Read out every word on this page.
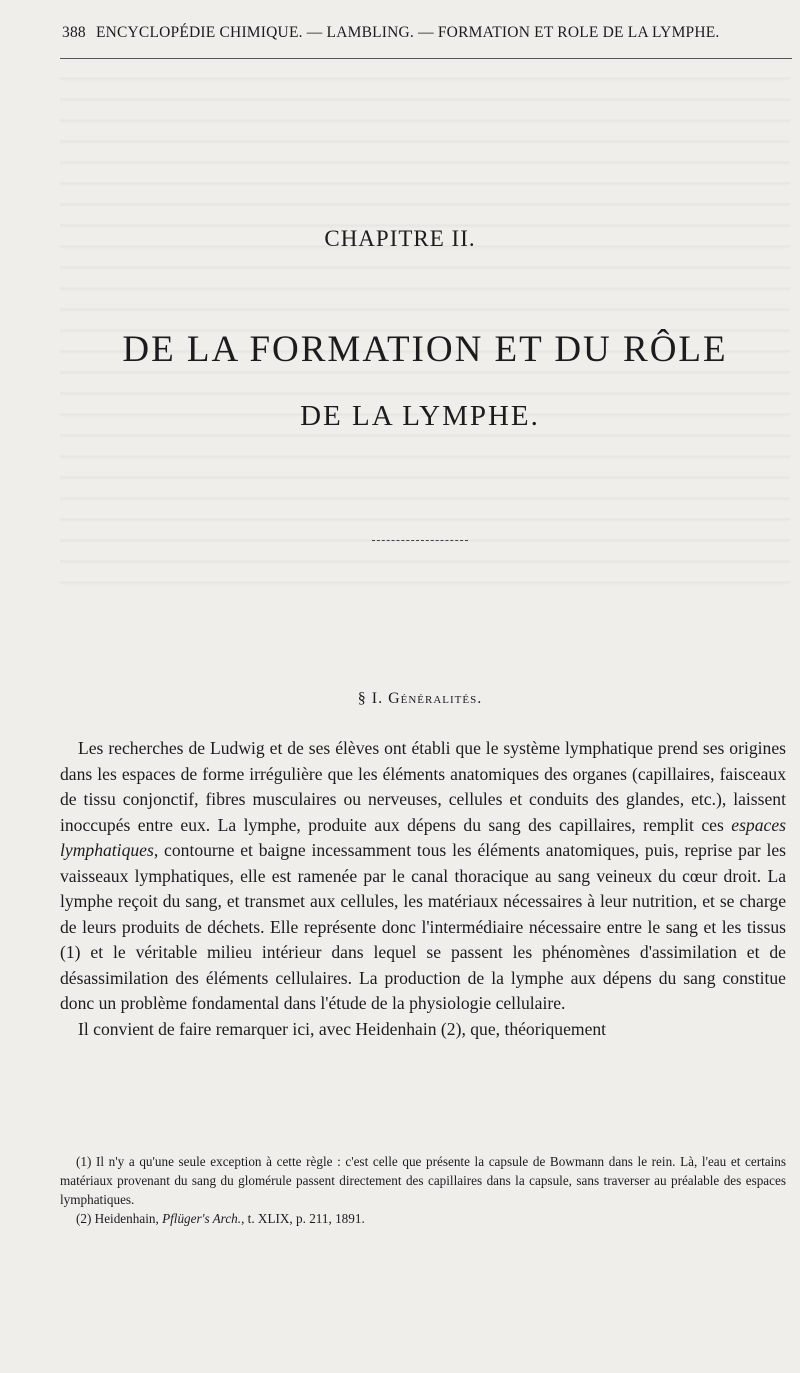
388 ENCYCLOPÉDIE CHIMIQUE. — LAMBLING. — FORMATION ET ROLE DE LA LYMPHE.
CHAPITRE II.
DE LA FORMATION ET DU RÔLE
DE LA LYMPHE.
§ I. Généralités.

Les recherches de Ludwig et de ses élèves ont établi que le système lymphatique prend ses origines dans les espaces de forme irrégulière que les éléments anatomiques des organes (capillaires, faisceaux de tissu conjonctif, fibres musculaires ou nerveuses, cellules et conduits des glandes, etc.), laissent inoccupés entre eux. La lymphe, produite aux dépens du sang des capillaires, remplit ces espaces lymphatiques, contourne et baigne incessamment tous les éléments anatomiques, puis, reprise par les vaisseaux lymphatiques, elle est ramenée par le canal thoracique au sang veineux du cœur droit. La lymphe reçoit du sang, et transmet aux cellules, les matériaux nécessaires à leur nutrition, et se charge de leurs produits de déchets. Elle représente donc l'intermédiaire nécessaire entre le sang et les tissus (1) et le véritable milieu intérieur dans lequel se passent les phénomènes d'assimilation et de désassimilation des éléments cellulaires. La production de la lymphe aux dépens du sang constitue donc un problème fondamental dans l'étude de la physiologie cellulaire.

Il convient de faire remarquer ici, avec Heidenhain (2), que, théoriquement

(1) Il n'y a qu'une seule exception à cette règle : c'est celle que présente la capsule de Bowmann dans le rein. Là, l'eau et certains matériaux provenant du sang du glomérule passent directement des capillaires dans la capsule, sans traverser au préalable des espaces lymphatiques.

(2) Heidenhain, Pflüger's Arch., t. XLIX, p. 211, 1891.
